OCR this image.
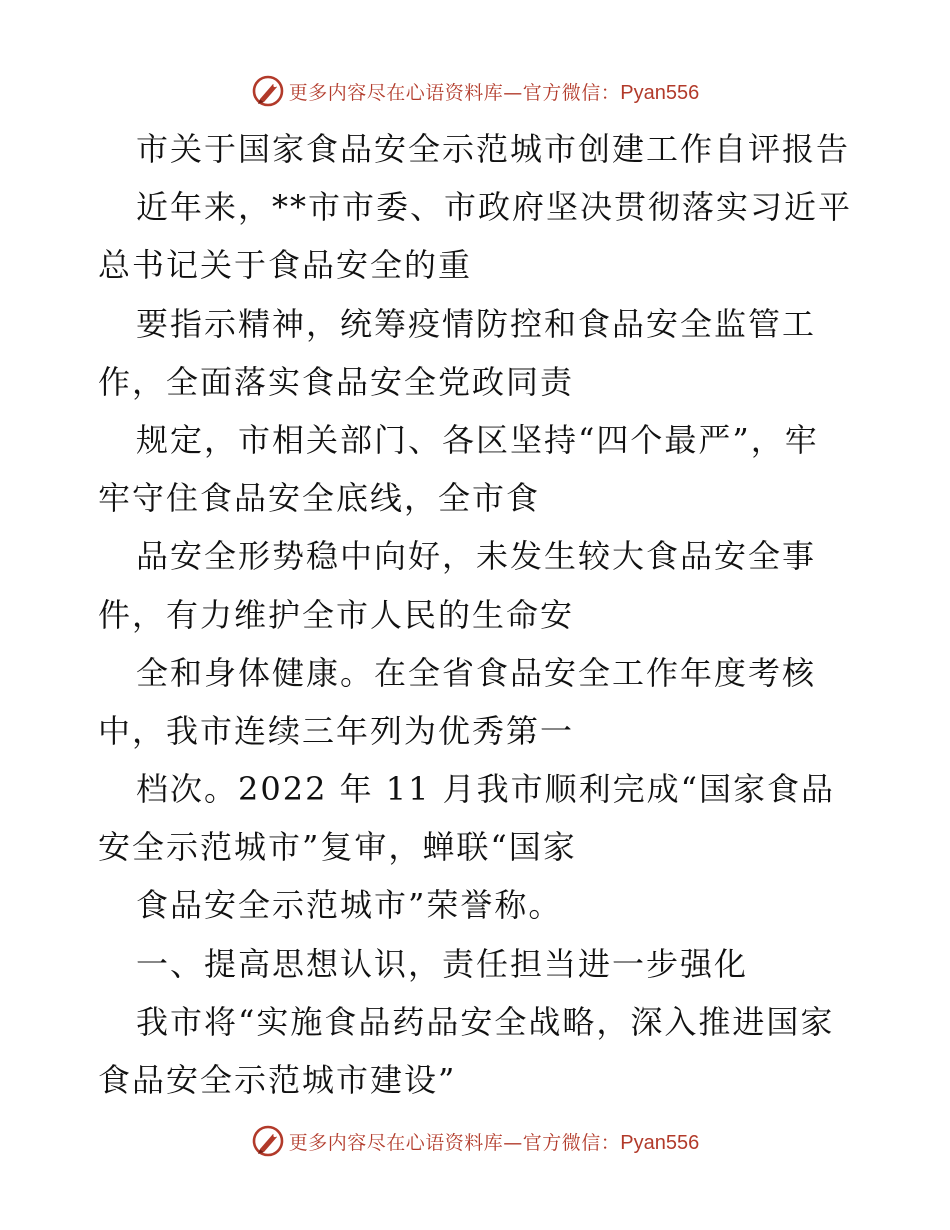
更多内容尽在心语资料库—官方微信：Pyan556
市关于国家食品安全示范城市创建工作自评报告
近年来，**市市委、市政府坚决贯彻落实习近平
总书记关于食品安全的重
要指示精神，统筹疫情防控和食品安全监管工
作，全面落实食品安全党政同责
规定，市相关部门、各区坚持“四个最严”，牢
牢守住食品安全底线，全市食
品安全形势稳中向好，未发生较大食品安全事
件，有力维护全市人民的生命安
全和身体健康。在全省食品安全工作年度考核
中，我市连续三年列为优秀第一
档次。2022 年 11 月我市顺利完成“国家食品
安全示范城市”复审，蝉联“国家
食品安全示范城市”荣誉称。
一、提高思想认识，责任担当进一步强化
我市将“实施食品药品安全战略，深入推进国家
食品安全示范城市建设”
更多内容尽在心语资料库—官方微信：Pyan556
